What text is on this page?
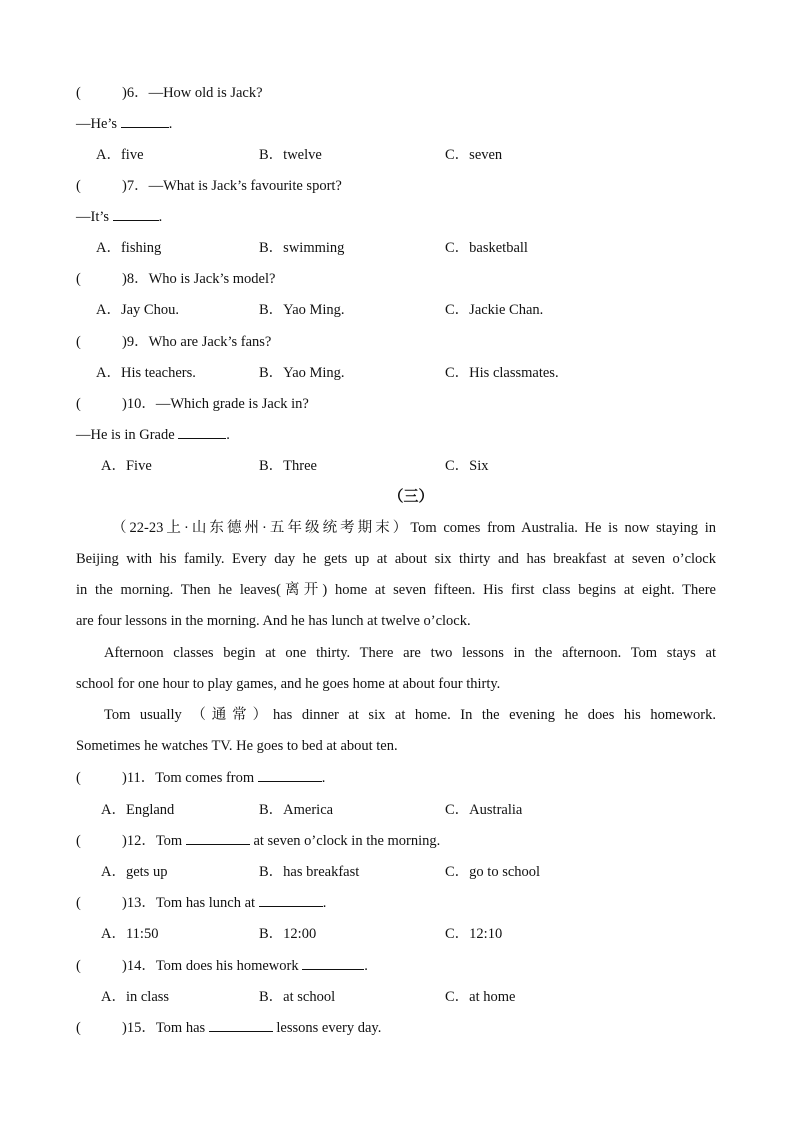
(	)6．—How old is Jack?
—He’s	.
A．five	B．twelve	C．seven
(	)7．—What is Jack’s favourite sport?
—It’s	.
A．fishing	B．swimming	C．basketball
(	)8．Who is Jack’s model?
A．Jay Chou.	B．Yao Ming.	C．Jackie Chan.
(	)9．Who are Jack’s fans?
A．His teachers.	B．Yao Ming.	C．His classmates.
(	)10．—Which grade is Jack in?
—He is in Grade	.
A．Five	B．Three	C．Six
（三）
（22-23上·山东德州·五年级统考期末）Tom comes from Australia. He is now staying in
Beijing with his family. Every day he gets up at about six thirty and has breakfast at seven o’clock
in the morning. Then he leaves(离开) home at seven fifteen. His first class begins at eight. There
are four lessons in the morning. And he has lunch at twelve o’clock.
Afternoon classes begin at one thirty. There are two lessons in the afternoon. Tom stays at
school for one hour to play games, and he goes home at about four thirty.
Tom usually （通常）has dinner at six at home. In the evening he does his homework.
Sometimes he watches TV. He goes to bed at about ten.
(	)11．Tom comes from	.
A．England	B．America	C．Australia
(	)12．Tom	at seven o’clock in the morning.
A．gets up	B．has breakfast	C．go to school
(	)13．Tom has lunch at	.
A．11:50	B．12:00	C．12:10
(	)14．Tom does his homework	.
A．in class	B．at school	C．at home
(	)15．Tom has	lessons every day.
